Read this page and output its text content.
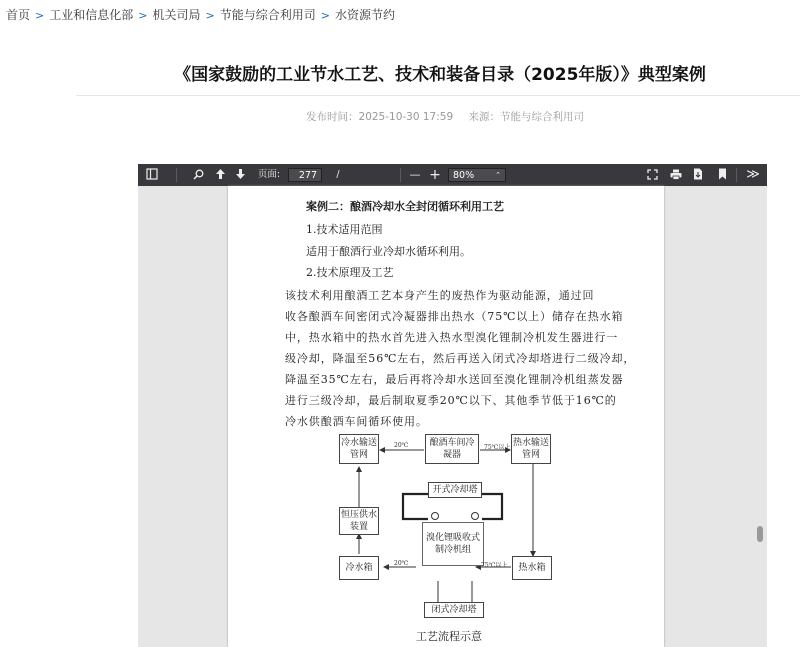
首页 > 工业和信息化部 > 机关司局 > 节能与综合利用司 > 水资源节约
《国家鼓励的工业节水工艺、技术和装备目录（2025年版）》典型案例
发布时间：2025-10-30 17:59 来源：节能与综合利用司
页面:	277	/	— +	80%	⌃	≫
案例二：酿酒冷却水全封闭循环利用工艺
1.技术适用范围
适用于酿酒行业冷却水循环利用。
2.技术原理及工艺
该技术利用酿酒工艺本身产生的废热作为驱动能源，通过回
收各酿酒车间密闭式冷凝器排出热水（75℃以上）储存在热水箱
中，热水箱中的热水首先进入热水型溴化锂制冷机发生器进行一
级冷却，降温至56℃左右，然后再送入闭式冷却塔进行二级冷却，
降温至35℃左右，最后再将冷却水送回至溴化锂制冷机组蒸发器
进行三级冷却，最后制取夏季20℃以下、其他季节低于16℃的
冷水供酿酒车间循环使用。
冷水输送管网
酿酒车间冷凝器
热水输送管网
恒压供水装置
开式冷却塔
溴化锂吸收式制冷机组
冷水箱	热水箱
闭式冷却塔
20℃	75℃以上
75℃以上
20℃
工艺流程示意
